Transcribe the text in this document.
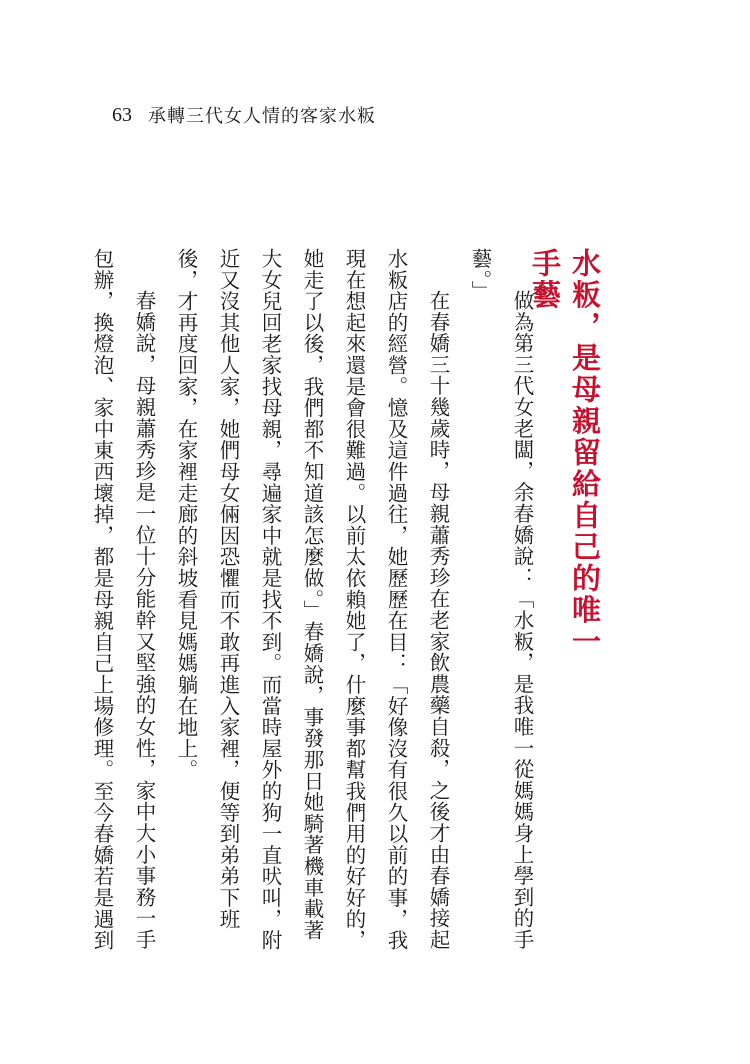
63 承轉三代女人情的客家水粄
水粄，是母親留給自己的唯一手藝
做為第三代女老闆，余春嬌說：「水粄，是我唯一從媽媽身上學到的手
藝。」
在春嬌三十幾歲時，母親蕭秀珍在老家飲農藥自殺，之後才由春嬌接起
水粄店的經營。憶及這件過往，她歷歷在目：「好像沒有很久以前的事，我
現在想起來還是會很難過。以前太依賴她了，什麼事都幫我們用的好好的，
她走了以後，我們都不知道該怎麼做。」春嬌說，事發那日她騎著機車載著
大女兒回老家找母親，尋遍家中就是找不到。而當時屋外的狗一直吠叫，附
近又沒其他人家，她們母女倆因恐懼而不敢再進入家裡，便等到弟弟下班
後，才再度回家，在家裡走廊的斜坡看見媽媽躺在地上。
春嬌說，母親蕭秀珍是一位十分能幹又堅強的女性，家中大小事務一手
包辦，換燈泡、家中東西壞掉，都是母親自己上場修理。至今春嬌若是遇到
